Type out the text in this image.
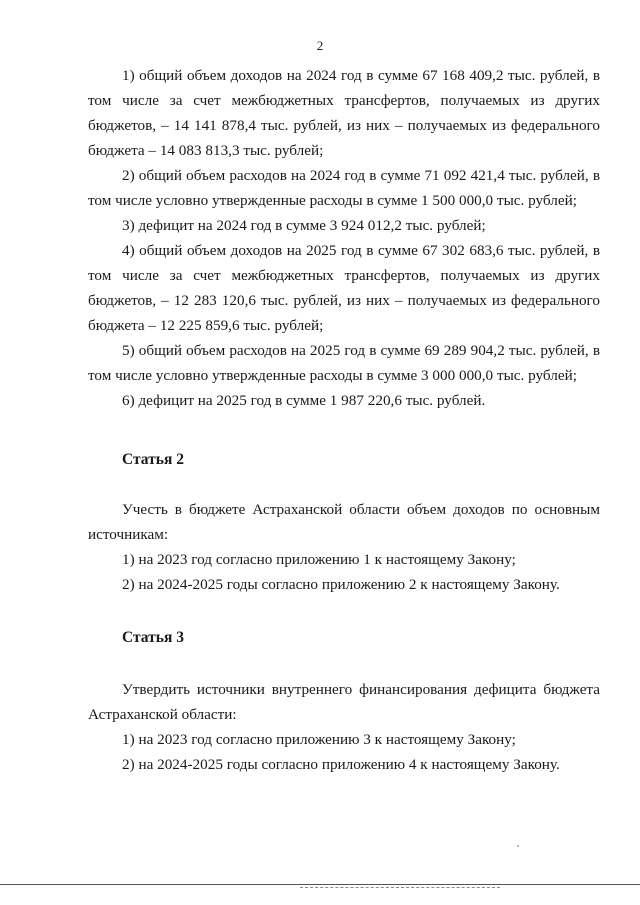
2

1) общий объем доходов на 2024 год в сумме 67 168 409,2 тыс. рублей, в том числе за счет межбюджетных трансфертов, получаемых из других бюджетов, – 14 141 878,4 тыс. рублей, из них – получаемых из федерального бюджета – 14 083 813,3 тыс. рублей;

2) общий объем расходов на 2024 год в сумме 71 092 421,4 тыс. рублей, в том числе условно утвержденные расходы в сумме 1 500 000,0 тыс. рублей;

3) дефицит на 2024 год в сумме 3 924 012,2 тыс. рублей;

4) общий объем доходов на 2025 год в сумме 67 302 683,6 тыс. рублей, в том числе за счет межбюджетных трансфертов, получаемых из других бюджетов, – 12 283 120,6 тыс. рублей, из них – получаемых из федерального бюджета – 12 225 859,6 тыс. рублей;

5) общий объем расходов на 2025 год в сумме 69 289 904,2 тыс. рублей, в том числе условно утвержденные расходы в сумме 3 000 000,0 тыс. рублей;

6) дефицит на 2025 год в сумме 1 987 220,6 тыс. рублей.

Статья 2

Учесть в бюджете Астраханской области объем доходов по основным источникам:

1) на 2023 год согласно приложению 1 к настоящему Закону;

2) на 2024-2025 годы согласно приложению 2 к настоящему Закону.

Статья 3

Утвердить источники внутреннего финансирования дефицита бюджета Астраханской области:

1) на 2023 год согласно приложению 3 к настоящему Закону;

2) на 2024-2025 годы согласно приложению 4 к настоящему Закону.
